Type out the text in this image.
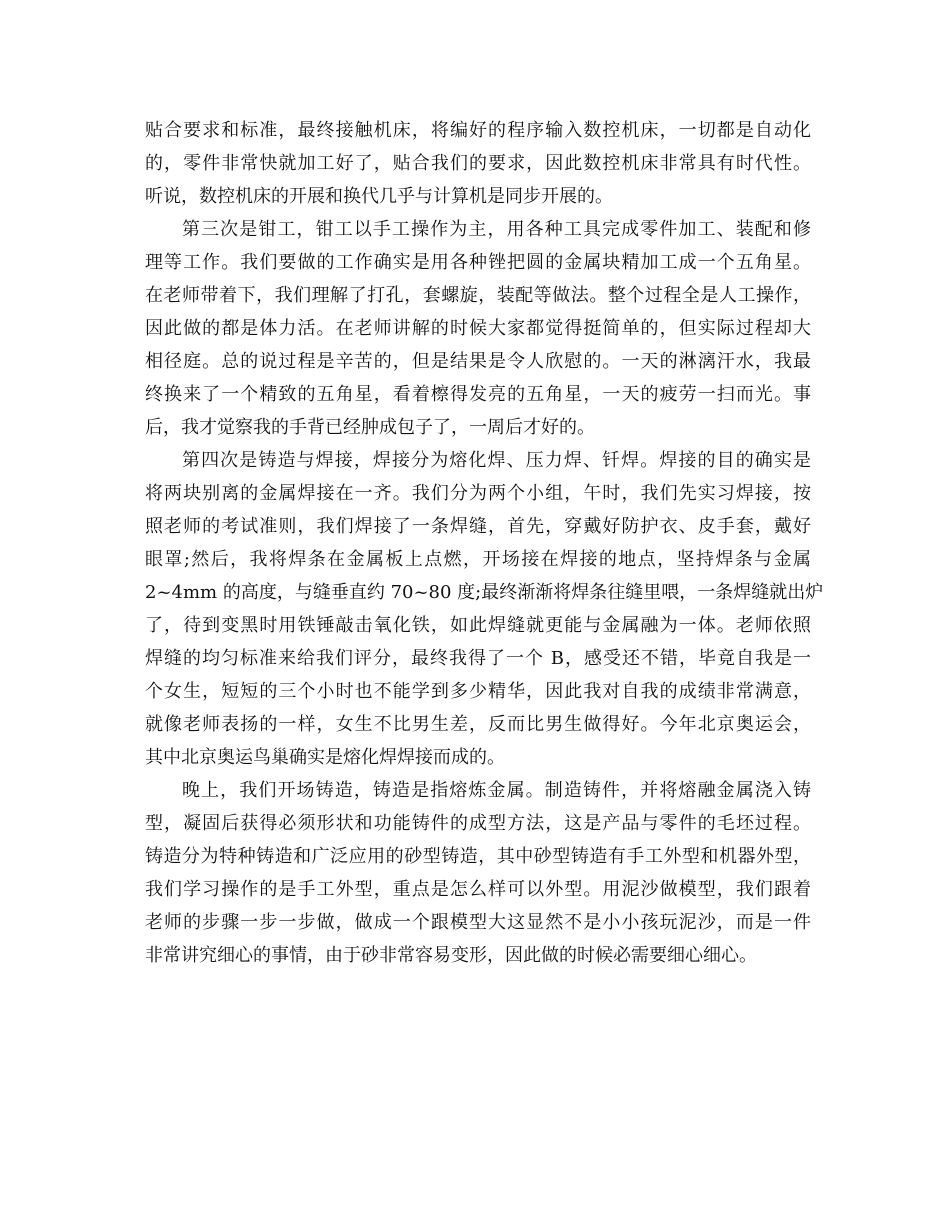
贴合要求和标准，最终接触机床，将编好的程序输入数控机床，一切都是自动化
的，零件非常快就加工好了，贴合我们的要求，因此数控机床非常具有时代性。
听说，数控机床的开展和换代几乎与计算机是同步开展的。
第三次是钳工，钳工以手工操作为主，用各种工具完成零件加工、装配和修
理等工作。我们要做的工作确实是用各种锉把圆的金属块精加工成一个五角星。
在老师带着下，我们理解了打孔，套螺旋，装配等做法。整个过程全是人工操作，
因此做的都是体力活。在老师讲解的时候大家都觉得挺简单的，但实际过程却大
相径庭。总的说过程是辛苦的，但是结果是令人欣慰的。一天的淋漓汗水，我最
终换来了一个精致的五角星，看着檫得发亮的五角星，一天的疲劳一扫而光。事
后，我才觉察我的手背已经肿成包子了，一周后才好的。
第四次是铸造与焊接，焊接分为熔化焊、压力焊、钎焊。焊接的目的确实是
将两块别离的金属焊接在一齐。我们分为两个小组，午时，我们先实习焊接，按
照老师的考试准则，我们焊接了一条焊缝，首先，穿戴好防护衣、皮手套，戴好
眼罩;然后，我将焊条在金属板上点燃，开场接在焊接的地点，坚持焊条与金属
2~4mm 的高度，与缝垂直约 70~80 度;最终渐渐将焊条往缝里喂，一条焊缝就出炉
了，待到变黑时用铁锤敲击氧化铁，如此焊缝就更能与金属融为一体。老师依照
焊缝的均匀标准来给我们评分，最终我得了一个 B，感受还不错，毕竟自我是一
个女生，短短的三个小时也不能学到多少精华，因此我对自我的成绩非常满意，
就像老师表扬的一样，女生不比男生差，反而比男生做得好。今年北京奥运会，
其中北京奥运鸟巢确实是熔化焊焊接而成的。
晚上，我们开场铸造，铸造是指熔炼金属。制造铸件，并将熔融金属浇入铸
型，凝固后获得必须形状和功能铸件的成型方法，这是产品与零件的毛坯过程。
铸造分为特种铸造和广泛应用的砂型铸造，其中砂型铸造有手工外型和机器外型，
我们学习操作的是手工外型，重点是怎么样可以外型。用泥沙做模型，我们跟着
老师的步骤一步一步做，做成一个跟模型大这显然不是小小孩玩泥沙，而是一件
非常讲究细心的事情，由于砂非常容易变形，因此做的时候必需要细心细心。
